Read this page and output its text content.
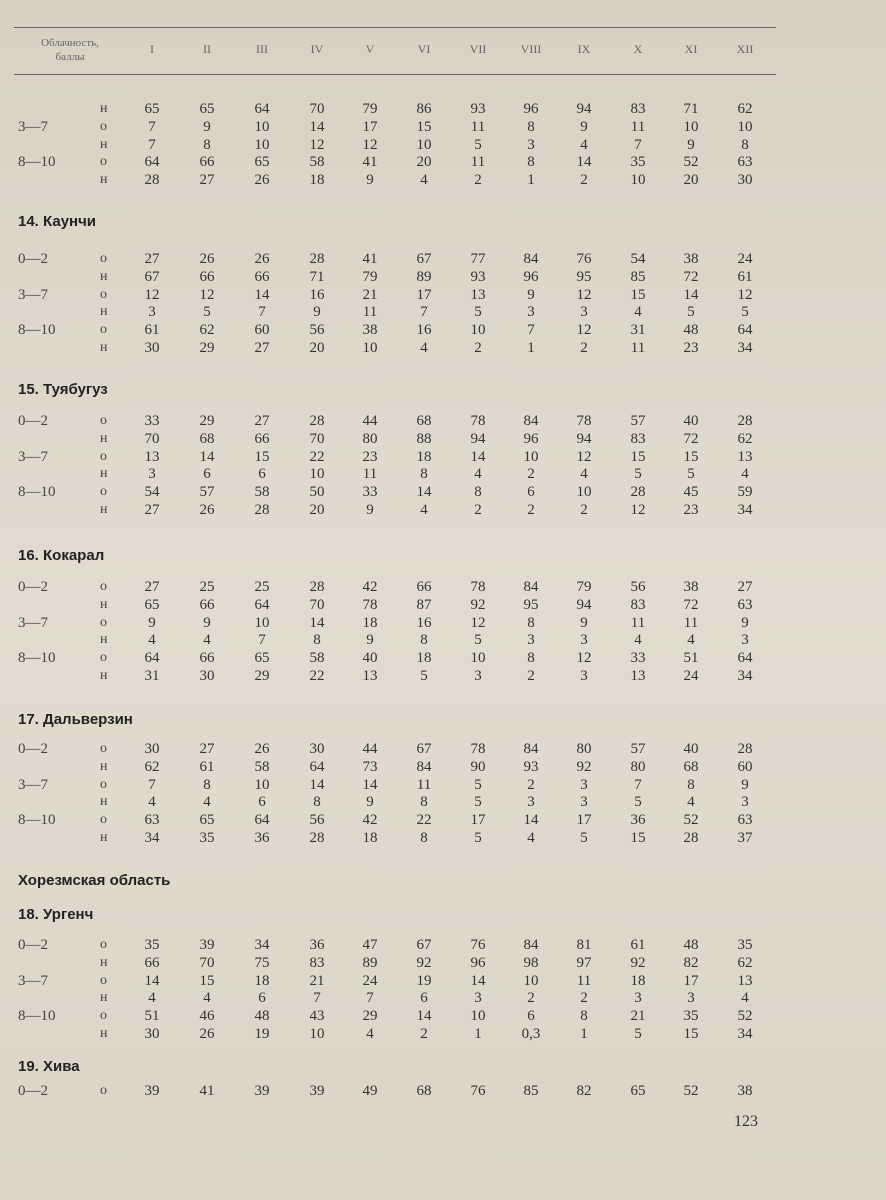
Облачность,
баллы
I	II	III	IV	V	VI	VII	VIII	IX	X	XI	XII
н 65	65	64	70	79	86	93	96	94	83	71	62
3—7	о	7	9	10	14	17	15	11	8	9	11	10	10
н	7	8	10	12	12	10	5	3	4	7	9	8
8—10	о	64	66	65	58	41	20	11	8	14	35	52	63
н 28	27	26	18	9	4	2	1	2	10	20	30
14. Каунчи
0—2	о	27	26	26	28	41	67	77	84	76	54	38	24
н 67	66	66	71	79	89	93	96	95	85	72	61
3—7	о	12	12	14	16	21	17	13	9	12	15	14	12
н	3	5	7	9	11	7	5	3	3	4	5	5
8—10	о	61	62	60	56	38	16	10	7	12	31	48	64
н 30	29	27	20	10	4	2	1	2	11	23	34
15. Туябугуз
0—2	о	33	29	27	28	44	68	78	84	78	57	40	28
н 70	68	66	70	80	88	94	96	94	83	72	62
3—7	о	13	14	15	22	23	18	14	10	12	15	15	13
н	3	6	6	10	11	8	4	2	4	5	5	4
8—10	о	54	57	58	50	33	14	8	6	10	28	45	59
н 27	26	28	20	9	4	2	2	2	12	23	34
16. Кокарал
0—2	о	27	25	25	28	42	66	78	84	79	56	38	27
н 65	66	64	70	78	87	92	95	94	83	72	63
3—7	о	9	9	10	14	18	16	12	8	9	11	11	9
н	4	4	7	8	9	8	5	3	3	4	4	3
8—10	о	64	66	65	58	40	18	10	8	12	33	51	64
н 31	30	29	22	13	5	3	2	3	13	24	34
17. Дальверзин
0—2	о	30	27	26	30	44	67	78	84	80	57	40	28
н 62	61	58	64	73	84	90	93	92	80	68	60
3—7	о	7	8	10	14	14	11	5	2	3	7	8	9
н	4	4	6	8	9	8	5	3	3	5	4	3
8—10	о	63	65	64	56	42	22	17	14	17	36	52	63
н 34	35	36	28	18	8	5	4	5	15	28	37
Хорезмская область
18. Ургенч
0—2	о	35	39	34	36	47	67	76	84	81	61	48	35
н 66	70	75	83	89	92	96	98	97	92	82	62
3—7	о	14	15	18	21	24	19	14	10	11	18	17	13
н	4	4	6	7	7	6	3	2	2	3	3	4
8—10	о	51	46	48	43	29	14	10	6	8	21	35	52
н 30	26	19	10	4	2	1	0,3	1	5	15	34
19. Хива
0—2	о	39	41	39	39	49	68	76	85	82	65	52	38
123
